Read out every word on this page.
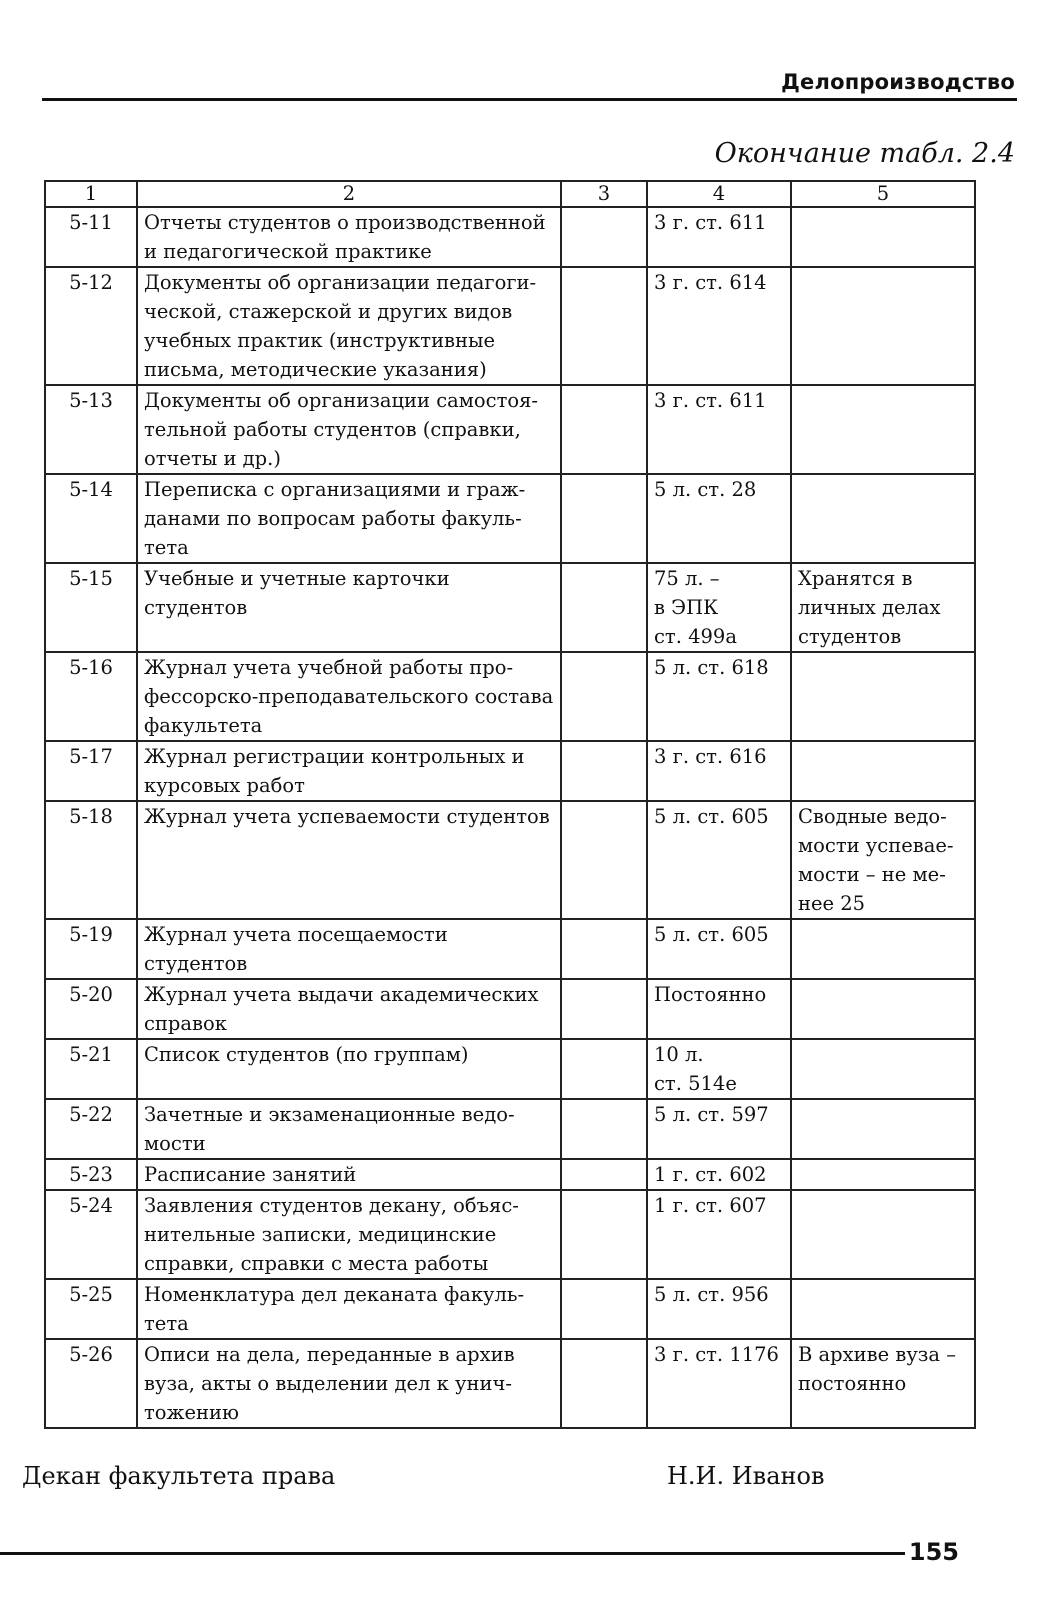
Делопроизводство
Окончание табл. 2.4
1	2	3	4	5
5-11	Отчеты студентов о производственной и педагогической практике		3 г. ст. 611	
5-12	Документы об организации педагогической, стажерской и других видов учебных практик (инструктивные письма, методические указания)		3 г. ст. 614	
5-13	Документы об организации самостоятельной работы студентов (справки, отчеты и др.)		3 г. ст. 611	
5-14	Переписка с организациями и гражданами по вопросам работы факультета		5 л. ст. 28	
5-15	Учебные и учетные карточки студентов		75 л. –
в ЭПК
ст. 499а	Хранятся в личных делах студентов
5-16	Журнал учета учебной работы профессорско-преподавательского состава факультета		5 л. ст. 618	
5-17	Журнал регистрации контрольных и курсовых работ		3 г. ст. 616	
5-18	Журнал учета успеваемости студентов		5 л. ст. 605	Сводные ведомости успеваемости – не менее 25
5-19	Журнал учета посещаемости студентов		5 л. ст. 605	
5-20	Журнал учета выдачи академических справок		Постоянно	
5-21	Список студентов (по группам)		10 л.
ст. 514е	
5-22	Зачетные и экзаменационные ведомости		5 л. ст. 597	
5-23	Расписание занятий		1 г. ст. 602	
5-24	Заявления студентов декану, объяснительные записки, медицинские справки, справки с места работы		1 г. ст. 607	
5-25	Номенклатура дел деканата факультета		5 л. ст. 956	
5-26	Описи на дела, переданные в архив вуза, акты о выделении дел к уничтожению		3 г. ст. 1176	В архиве вуза – постоянно
Декан факультета права	Н.И. Иванов
155
